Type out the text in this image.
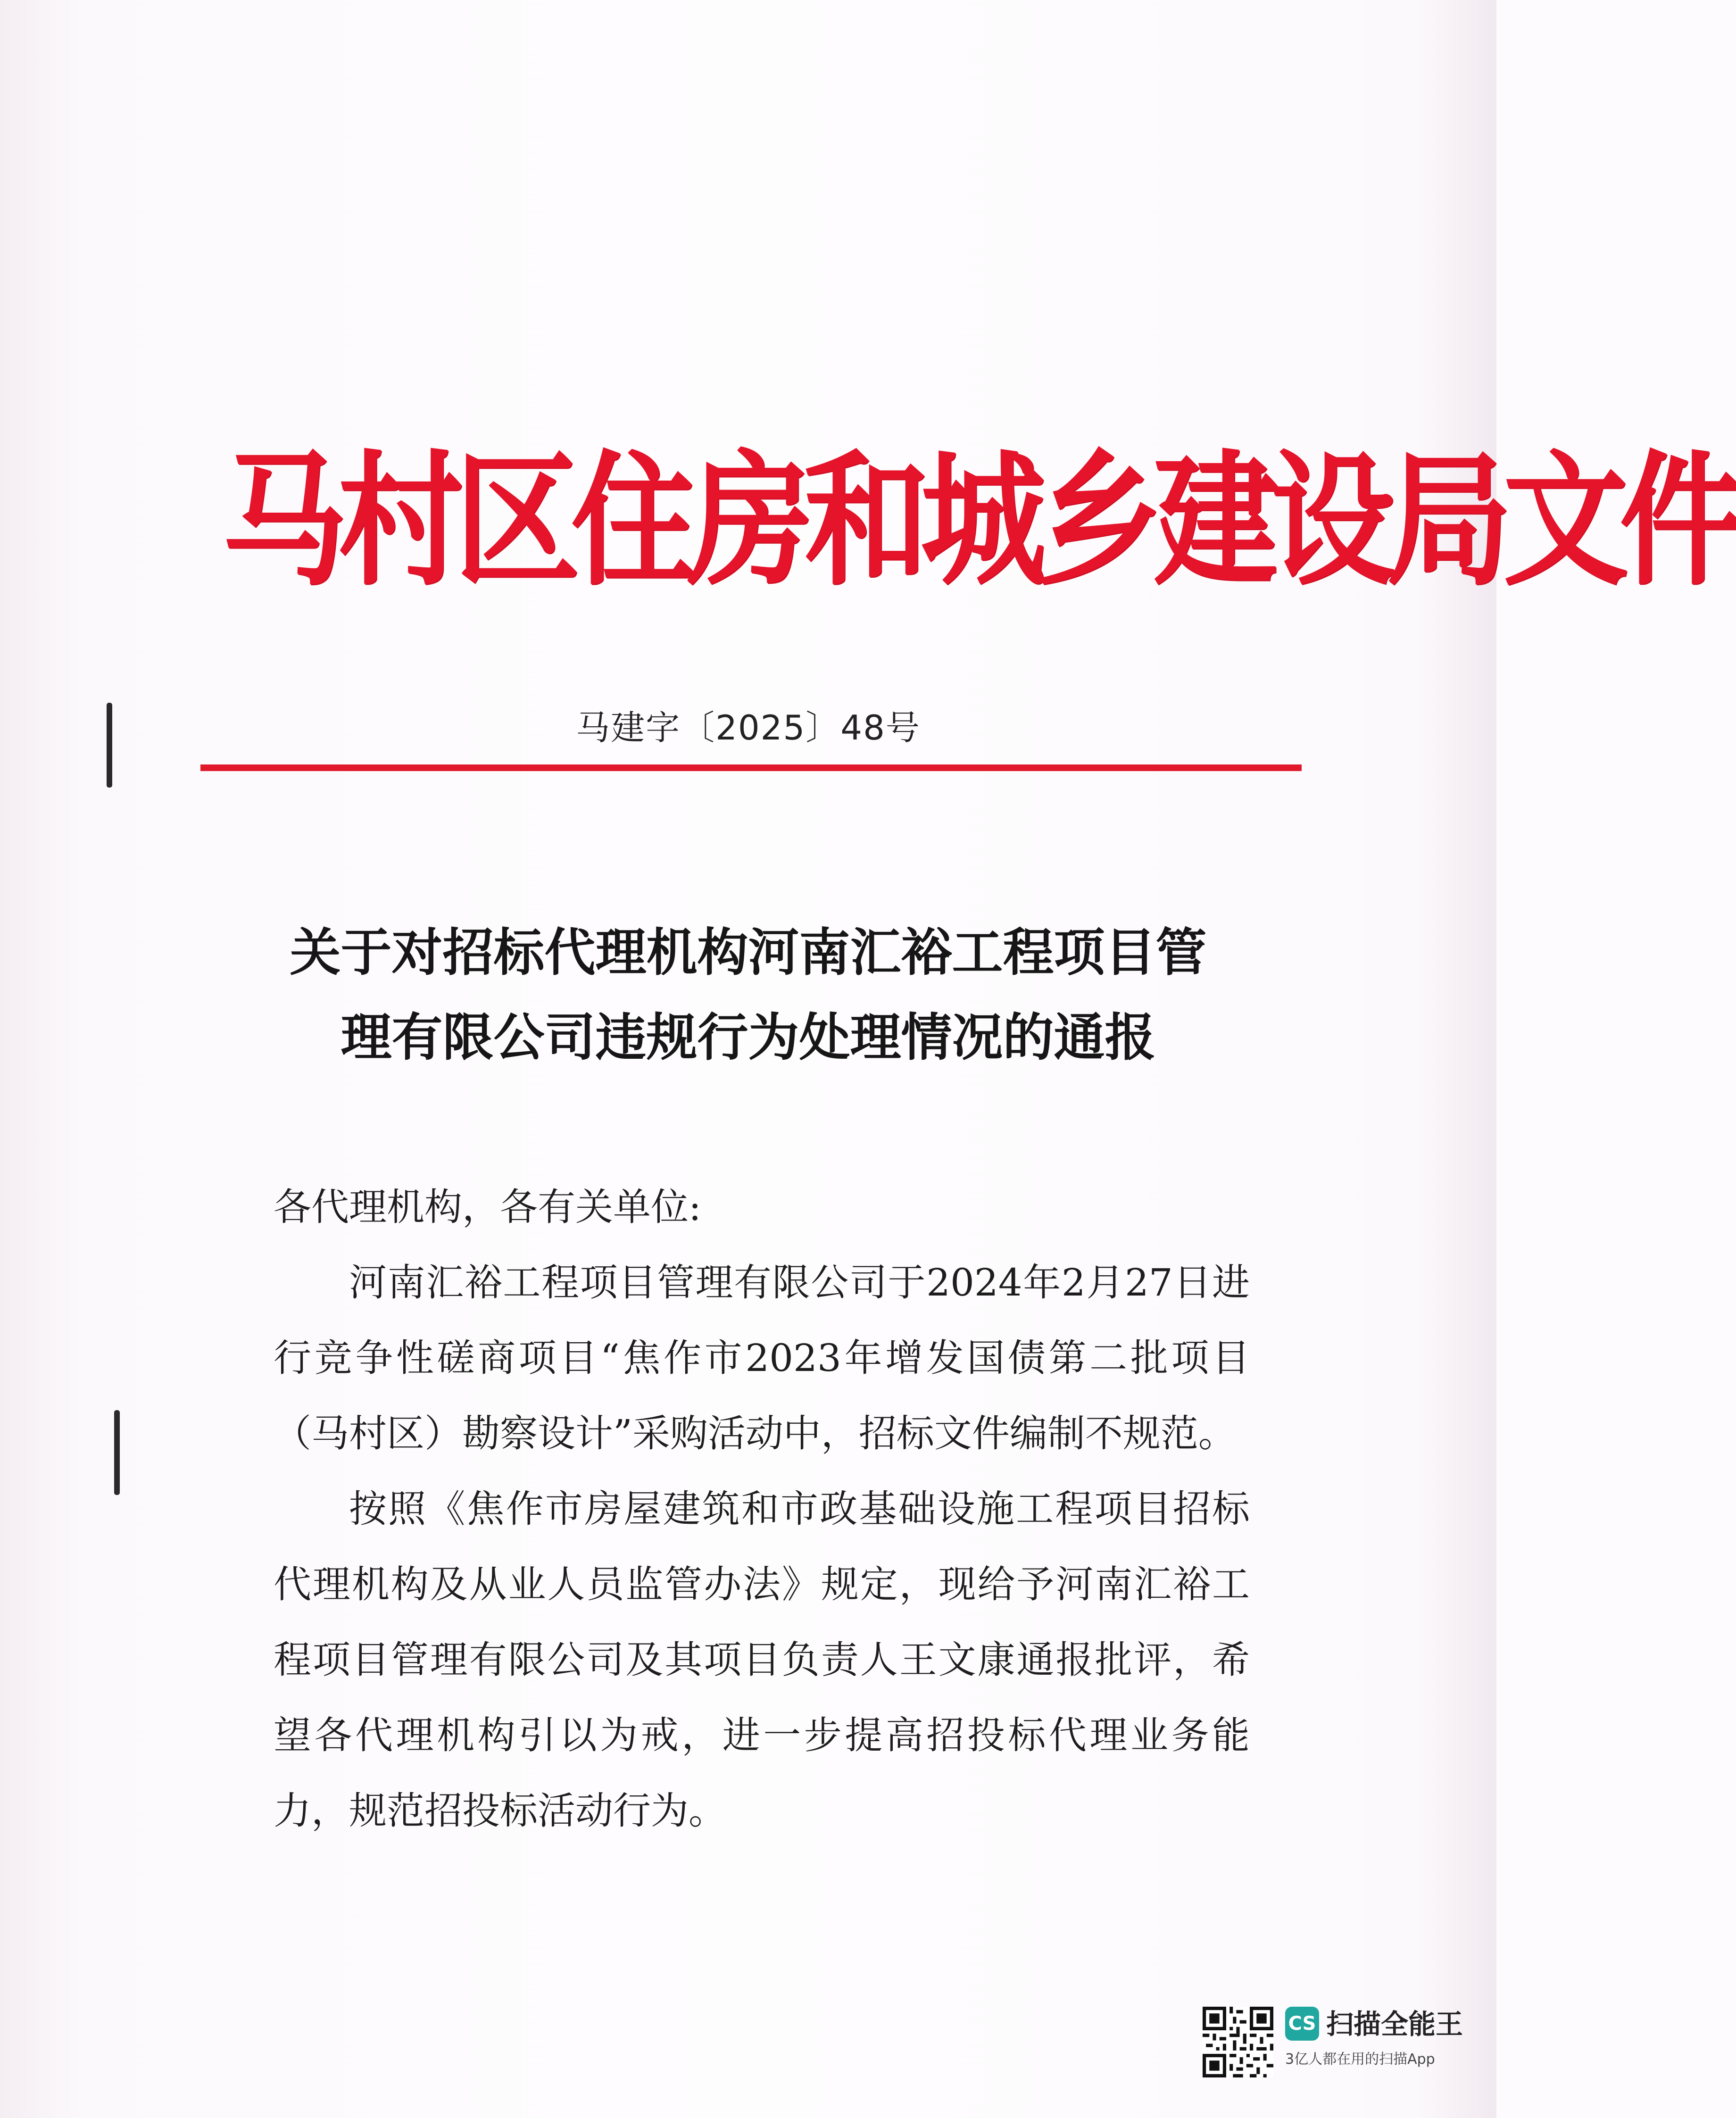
马村区住房和城乡建设局文件
马建字〔2025〕48号
关于对招标代理机构河南汇裕工程项目管
理有限公司违规行为处理情况的通报

各代理机构，各有关单位:

河南汇裕工程项目管理有限公司于2024年2月27日进行竞争性磋商项目“焦作市2023年增发国债第二批项目（马村区）勘察设计”采购活动中，招标文件编制不规范。

按照《焦作市房屋建筑和市政基础设施工程项目招标代理机构及从业人员监管办法》规定，现给予河南汇裕工程项目管理有限公司及其项目负责人王文康通报批评，希望各代理机构引以为戒，进一步提高招投标代理业务能力，规范招投标活动行为。

CS 扫描全能王
3亿人都在用的扫描App
